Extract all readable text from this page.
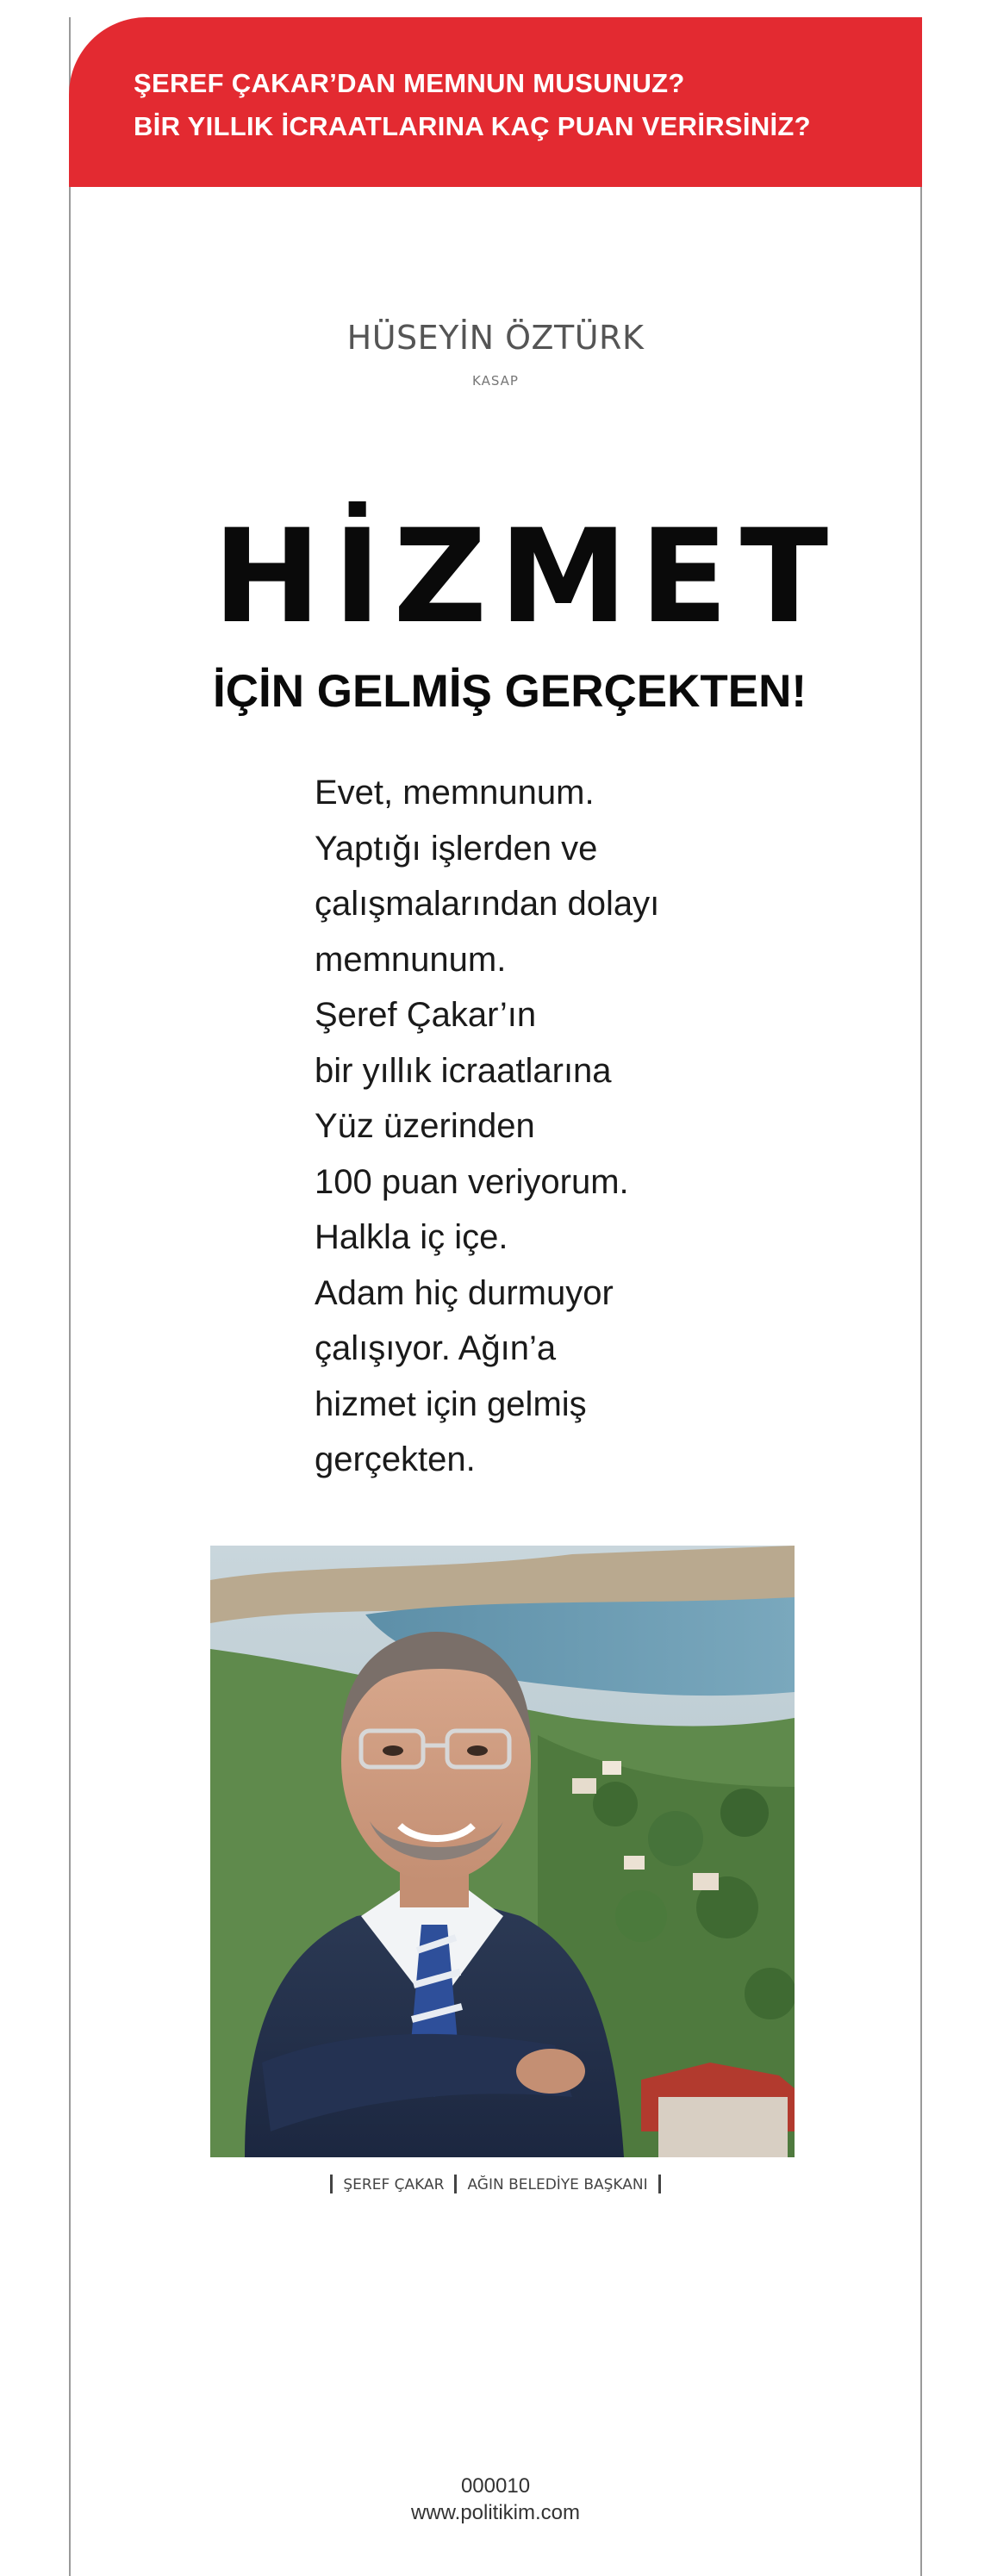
ŞEREF ÇAKAR’DAN MEMNUN MUSUNUZ?
BİR YILLIK İCRAATLARINA KAÇ PUAN VERİRSİNİZ?
HÜSEYİN ÖZTÜRK
KASAP
HİZMET
İÇİN GELMİŞ GERÇEKTEN!
Evet, memnunum.
Yaptığı işlerden ve
çalışmalarından dolayı
memnunum.
Şeref Çakar’ın
bir yıllık icraatlarına
Yüz üzerinden
100 puan veriyorum.
Halkla iç içe.
Adam hiç durmuyor
çalışıyor. Ağın’a
hizmet için gelmiş
gerçekten.
ŞEREF ÇAKAR AĞIN BELEDİYE BAŞKANI
000010
www.politikim.com
